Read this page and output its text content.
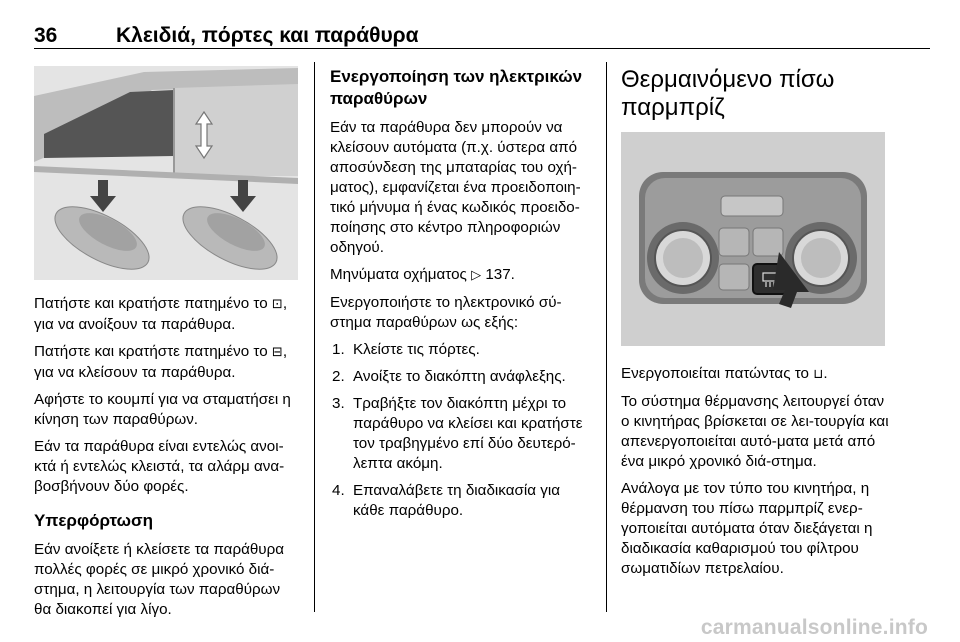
36	Κλειδιά, πόρτες και παράθυρα

Πατήστε και κρατήστε πατημένο το ⊡, για να ανοίξουν τα παράθυρα.

Πατήστε και κρατήστε πατημένο το ⊟, για να κλείσουν τα παράθυρα.

Αφήστε το κουμπί για να σταματήσει η κίνηση των παραθύρων.

Εάν τα παράθυρα είναι εντελώς ανοι-κτά ή εντελώς κλειστά, τα αλάρμ ανα-βοσβήνουν δύο φορές.

Υπερφόρτωση

Εάν ανοίξετε ή κλείσετε τα παράθυρα πολλές φορές σε μικρό χρονικό διά-στημα, η λειτουργία των παραθύρων θα διακοπεί για λίγο.

Ενεργοποίηση των ηλεκτρικών παραθύρων

Εάν τα παράθυρα δεν μπορούν να κλείσουν αυτόματα (π.χ. ύστερα από αποσύνδεση της μπαταρίας του οχή-ματος), εμφανίζεται ένα προειδοποιη-τικό μήνυμα ή ένας κωδικός προειδο-ποίησης στο κέντρο πληροφοριών οδηγού.

Μηνύματα οχήματος ▷ 137.

Ενεργοποιήστε το ηλεκτρονικό σύ-στημα παραθύρων ως εξής:

1. Κλείστε τις πόρτες.
2. Ανοίξτε το διακόπτη ανάφλεξης.
3. Τραβήξτε τον διακόπτη μέχρι το παράθυρο να κλείσει και κρατήστε τον τραβηγμένο επί δύο δευτερό-λεπτα ακόμη.
4. Επαναλάβετε τη διαδικασία για κάθε παράθυρο.
Θερμαινόμενο πίσω παρμπρίζ

Ενεργοποιείται πατώντας το ⊔.

Το σύστημα θέρμανσης λειτουργεί όταν ο κινητήρας βρίσκεται σε λει-τουργία και απενεργοποιείται αυτό-ματα μετά από ένα μικρό χρονικό διά-στημα.

Ανάλογα με τον τύπο του κινητήρα, η θέρμανση του πίσω παρμπρίζ ενερ-γοποιείται αυτόματα όταν διεξάγεται η διαδικασία καθαρισμού του φίλτρου σωματιδίων πετρελαίου.

carmanualsonline.info
